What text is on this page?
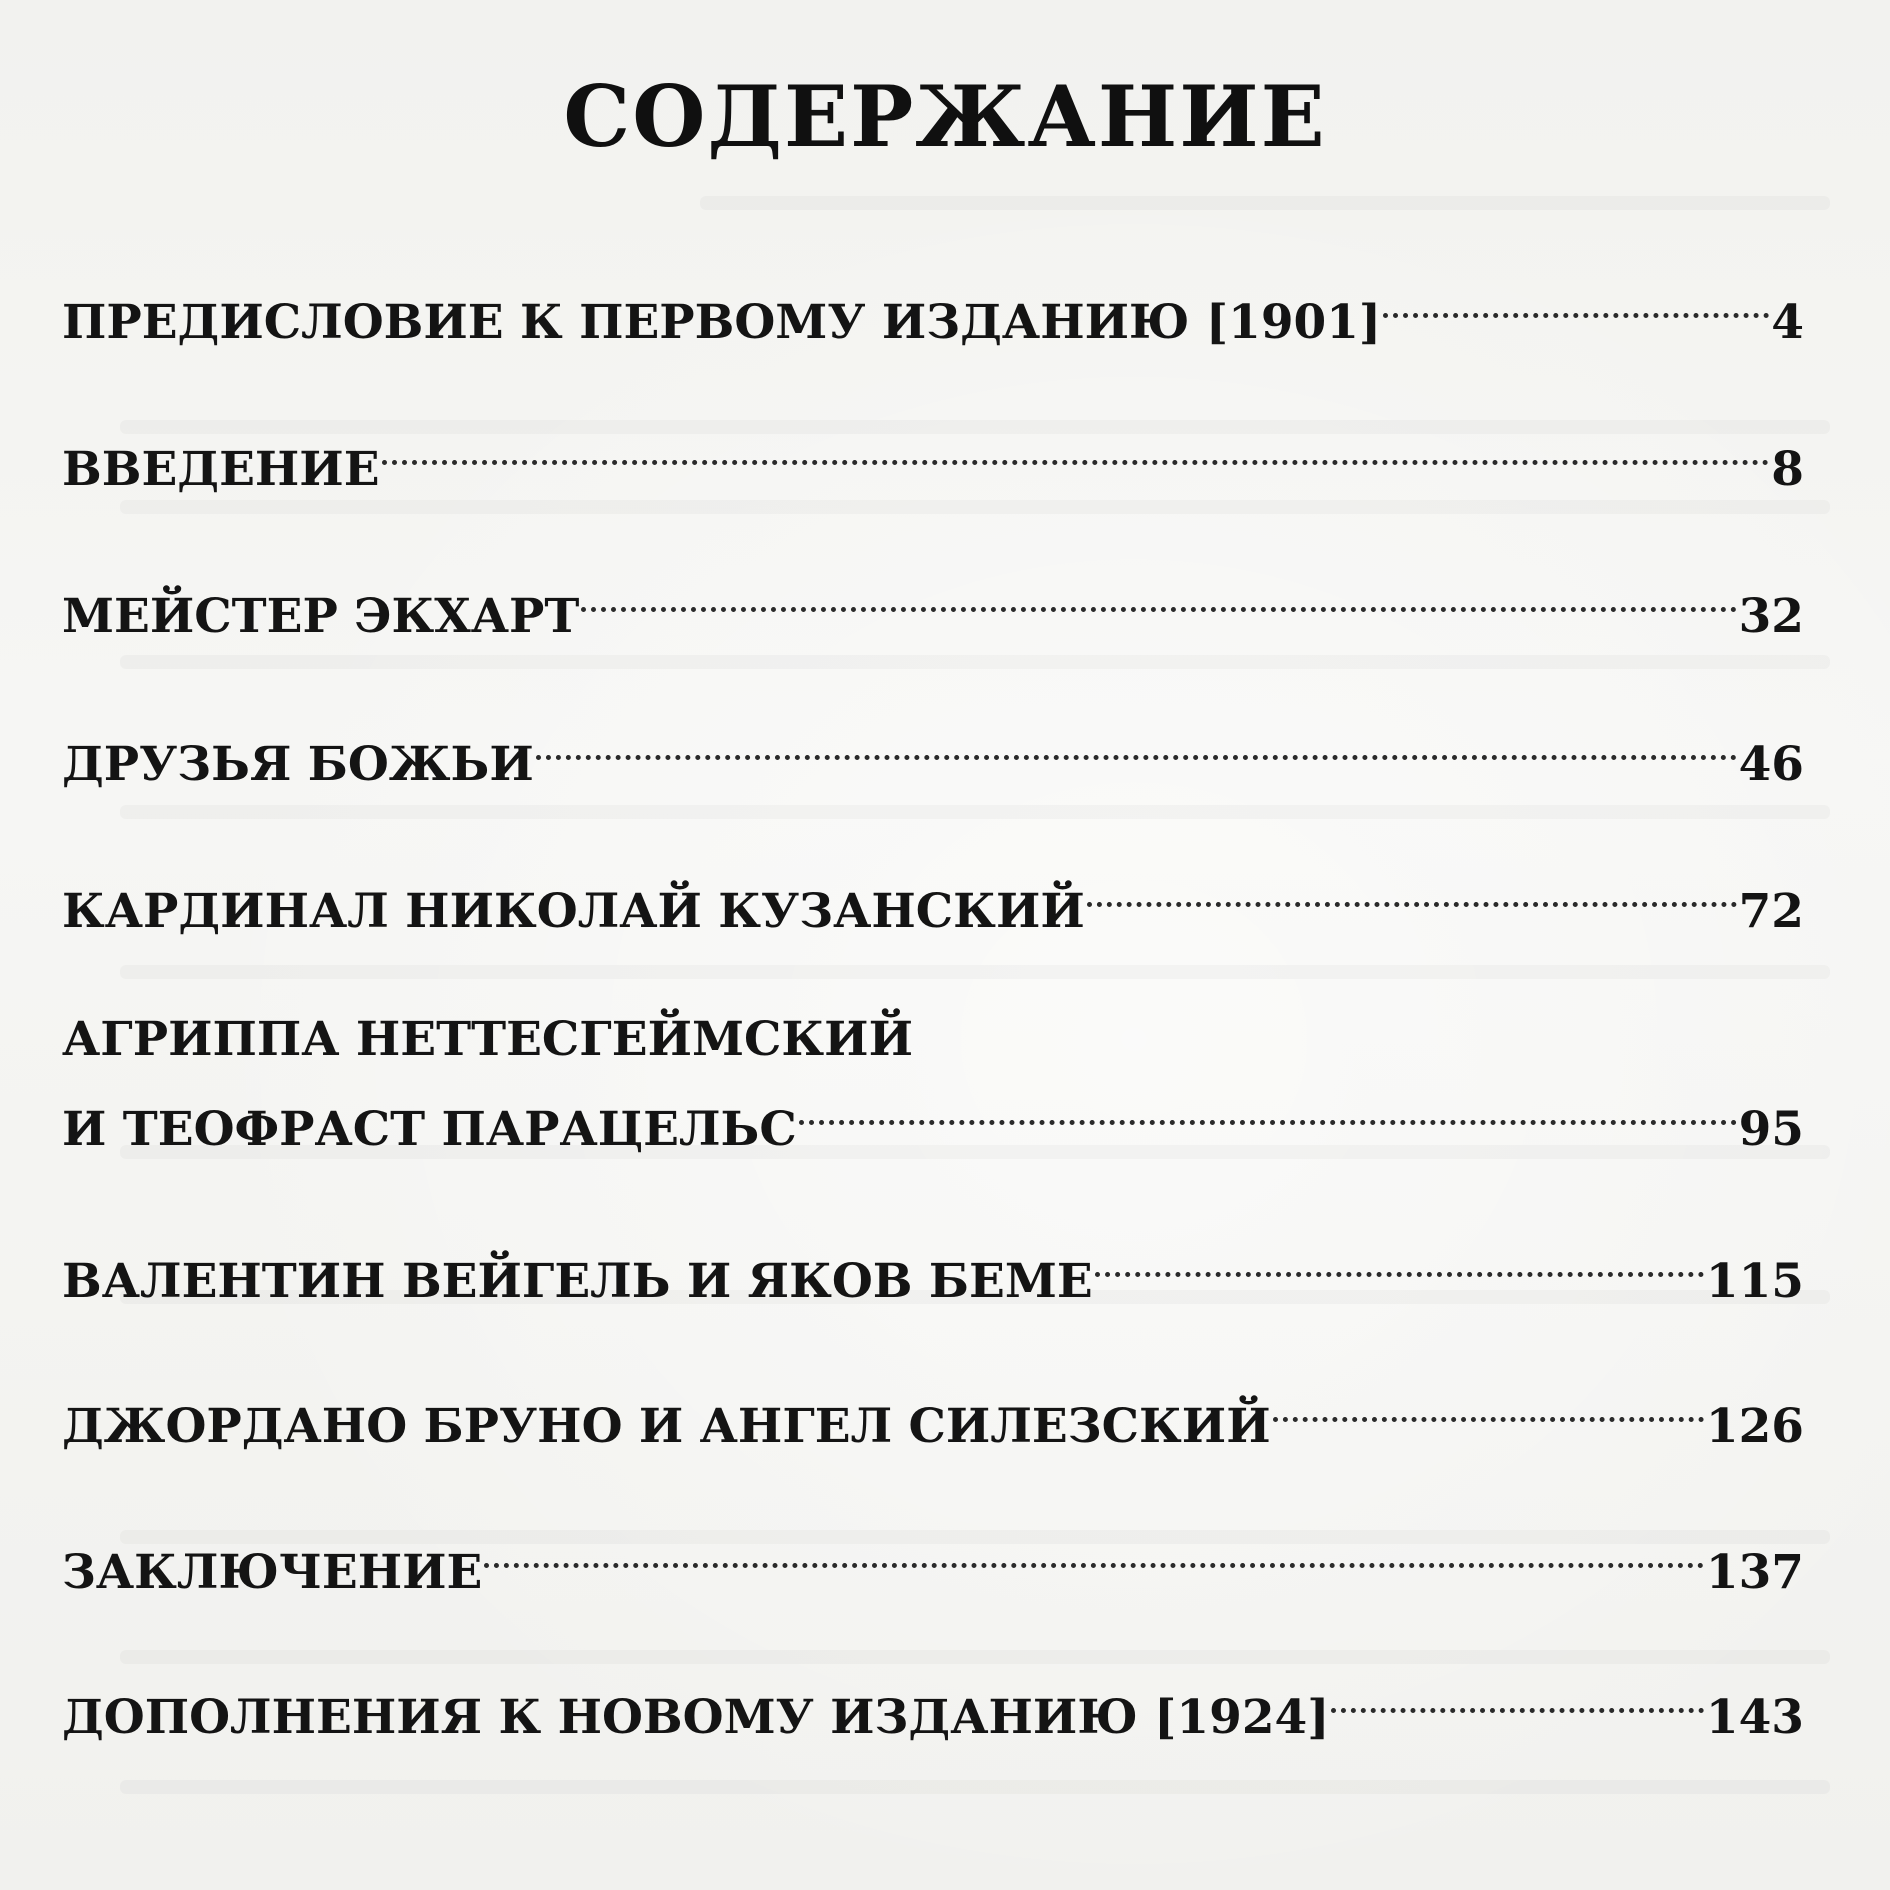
СОДЕРЖАНИЕ
ПРЕДИСЛОВИЕ К ПЕРВОМУ ИЗДАНИЮ [1901]	4
ВВЕДЕНИЕ	8
МЕЙСТЕР ЭКХАРТ	32
ДРУЗЬЯ БОЖЬИ	46
КАРДИНАЛ НИКОЛАЙ КУЗАНСКИЙ	72
АГРИППА НЕТТЕСГЕЙМСКИЙ
И ТЕОФРАСТ ПАРАЦЕЛЬС	95
ВАЛЕНТИН ВЕЙГЕЛЬ И ЯКОВ БЕМЕ	115
ДЖОРДАНО БРУНО И АНГЕЛ СИЛЕЗСКИЙ	126
ЗАКЛЮЧЕНИЕ	137
ДОПОЛНЕНИЯ К НОВОМУ ИЗДАНИЮ [1924]	143
